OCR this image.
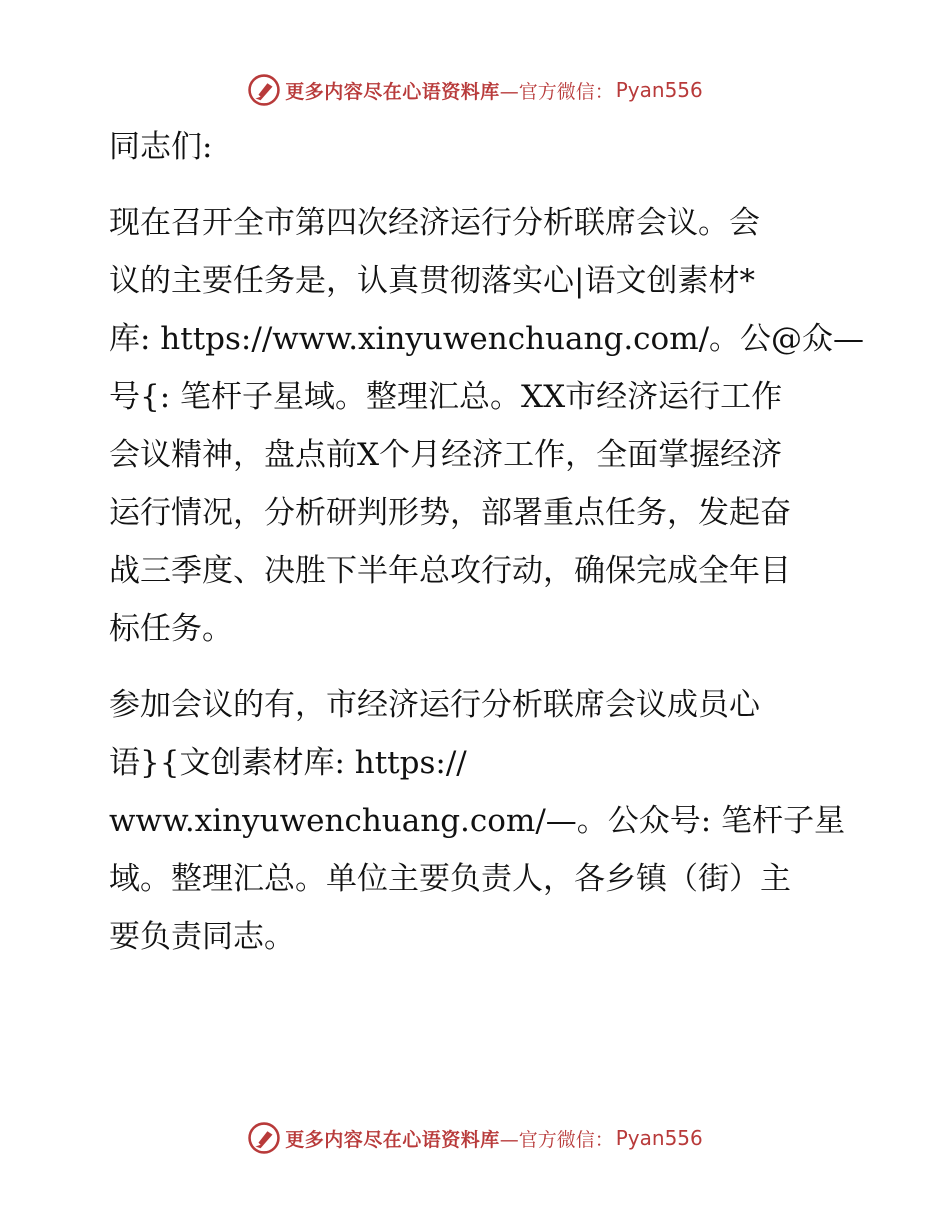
更多内容尽在心语资料库 —官方微信： Pyan556

同志们:

现在召开全市第四次经济运行分析联席会议。会
议的主要任务是，认真贯彻落实心|语文创素材*
库: https://www.xinyuwenchuang.com/。公@众—
号{: 笔杆子星域。整理汇总。XX市经济运行工作
会议精神，盘点前X个月经济工作，全面掌握经济
运行情况，分析研判形势，部署重点任务，发起奋
战三季度、决胜下半年总攻行动，确保完成全年目
标任务。

参加会议的有，市经济运行分析联席会议成员心
语}{文创素材库: https://
www.xinyuwenchuang.com/—。公众号: 笔杆子星
域。整理汇总。单位主要负责人，各乡镇（街）主
要负责同志。

更多内容尽在心语资料库 —官方微信： Pyan556
